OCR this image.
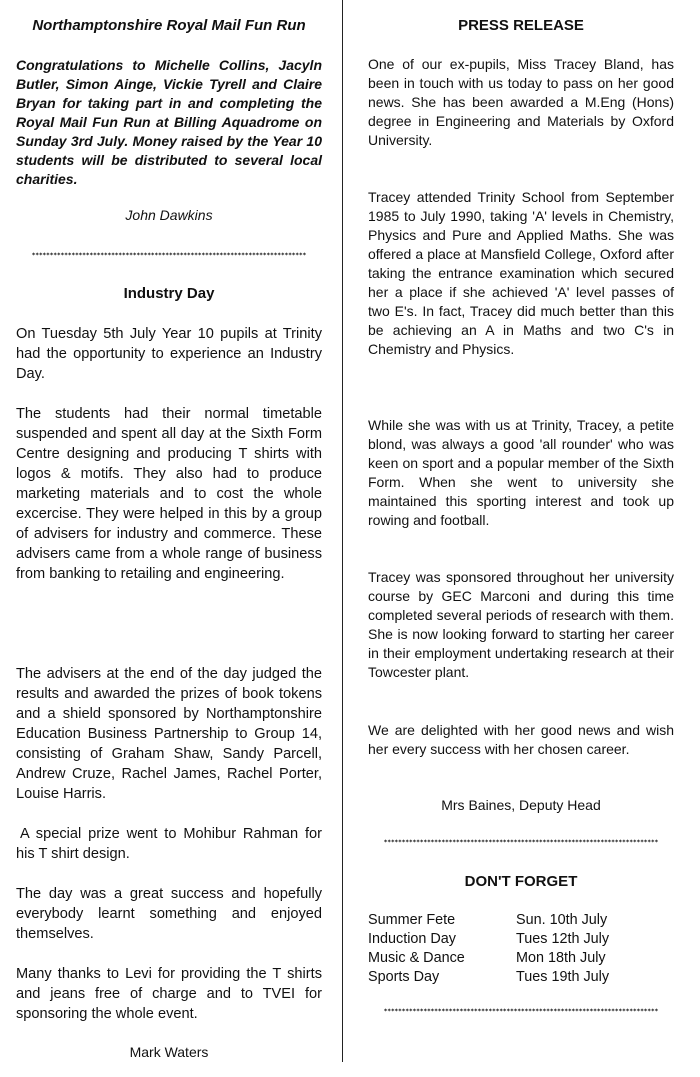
Northamptonshire Royal Mail Fun Run

Congratulations to Michelle Collins, Jacyln Butler, Simon Ainge, Vickie Tyrell and Claire Bryan for taking part in and completing the Royal Mail Fun Run at Billing Aquadrome on Sunday 3rd July. Money raised by the Year 10 students will be distributed to several local charities.

John Dawkins
****************************************************************************
Industry Day

On Tuesday 5th July Year 10 pupils at Trinity had the opportunity to experience an Industry Day.

The students had their normal timetable suspended and spent all day at the Sixth Form Centre designing and producing T shirts with logos & motifs. They also had to produce marketing materials and to cost the whole excercise. They were helped in this by a group of advisers for industry and commerce. These advisers came from a whole range of business from banking to retailing and engineering.

The advisers at the end of the day judged the results and awarded the prizes of book tokens and a shield sponsored by Northamptonshire Education Business Partnership to Group 14, consisting of Graham Shaw, Sandy Parcell, Andrew Cruze, Rachel James, Rachel Porter, Louise Harris.

A special prize went to Mohibur Rahman for his T shirt design.

The day was a great success and hopefully everybody learnt something and enjoyed themselves.

Many thanks to Levi for providing the T shirts and jeans free of charge and to TVEI for sponsoring the whole event.

Mark Waters
PRESS RELEASE

One of our ex-pupils, Miss Tracey Bland, has been in touch with us today to pass on her good news. She has been awarded a M.Eng (Hons) degree in Engineering and Materials by Oxford University.

Tracey attended Trinity School from September 1985 to July 1990, taking 'A' levels in Chemistry, Physics and Pure and Applied Maths. She was offered a place at Mansfield College, Oxford after taking the entrance examination which secured her a place if she achieved 'A' level passes of two E's. In fact, Tracey did much better than this be achieving an A in Maths and two C's in Chemistry and Physics.

While she was with us at Trinity, Tracey, a petite blond, was always a good 'all rounder' who was keen on sport and a popular member of the Sixth Form. When she went to university she maintained this sporting interest and took up rowing and football.

Tracey was sponsored throughout her university course by GEC Marconi and during this time completed several periods of research with them. She is now looking forward to starting her career in their employment undertaking research at their Towcester plant.

We are delighted with her good news and wish her every success with her chosen career.

Mrs Baines, Deputy Head
****************************************************************************
DON'T FORGET
Summer Fete	Sun. 10th July
Induction Day	Tues 12th July
Music & Dance	Mon 18th July
Sports Day	Tues 19th July
****************************************************************************
